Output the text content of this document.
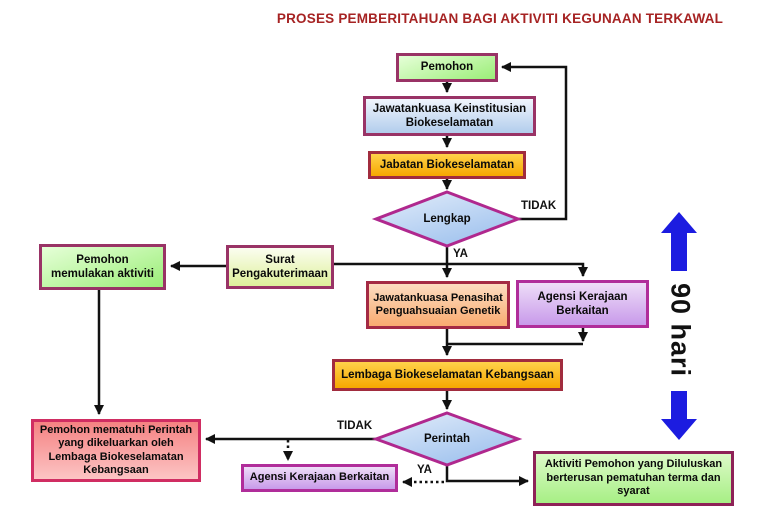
PROSES PEMBERITAHUAN BAGI AKTIVITI KEGUNAAN TERKAWAL
Pemohon
Jawatankuasa Keinstitusian Biokeselamatan
Jabatan Biokeselamatan
Lengkap
Surat Pengakuterimaan
Pemohon memulakan aktiviti
Jawatankuasa Penasihat Penguahsuaian Genetik
Agensi Kerajaan Berkaitan
Lembaga Biokeselamatan Kebangsaan
Perintah
Pemohon mematuhi Perintah yang dikeluarkan oleh Lembaga Biokeselamatan Kebangsaan
Agensi Kerajaan Berkaitan
Aktiviti Pemohon yang Diluluskan berterusan pematuhan terma dan syarat
TIDAK
YA
TIDAK
YA
90 hari
